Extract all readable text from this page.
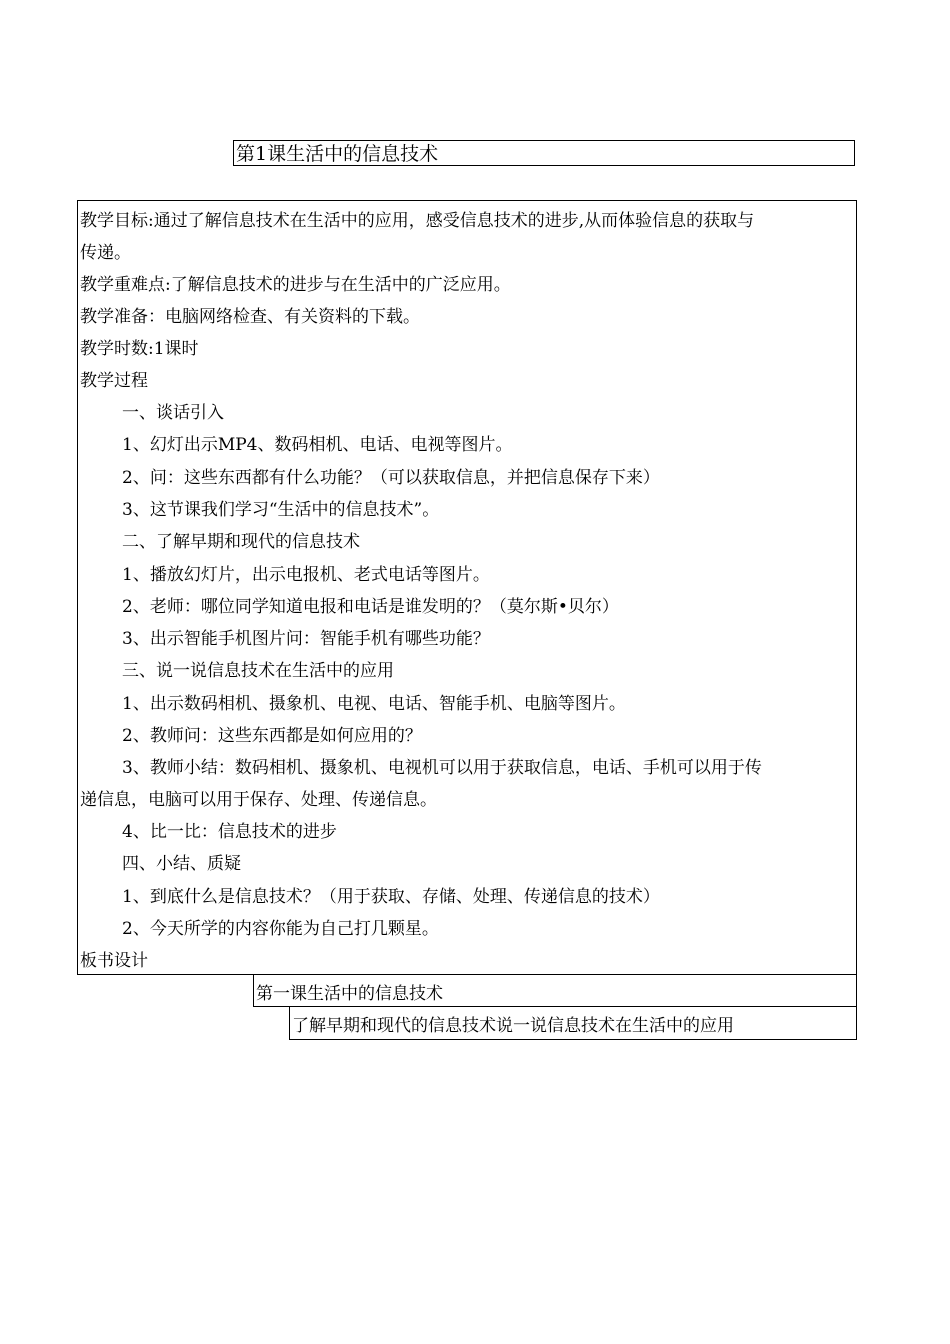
第1课生活中的信息技术
教学目标:通过了解信息技术在生活中的应用，感受信息技术的进步,从而体验信息的获取与
传递。
教学重难点:了解信息技术的进步与在生活中的广泛应用。
教学准备：电脑网络检查、有关资料的下载。
教学时数:1课时
教学过程
一、谈话引入
1、幻灯出示MP4、数码相机、电话、电视等图片。
2、问：这些东西都有什么功能？（可以获取信息，并把信息保存下来）
3、这节课我们学习“生活中的信息技术”。
二、了解早期和现代的信息技术
1、播放幻灯片，出示电报机、老式电话等图片。
2、老师：哪位同学知道电报和电话是谁发明的？（莫尔斯•贝尔）
3、出示智能手机图片问：智能手机有哪些功能？
三、说一说信息技术在生活中的应用
1、出示数码相机、摄象机、电视、电话、智能手机、电脑等图片。
2、教师问：这些东西都是如何应用的？
3、教师小结：数码相机、摄象机、电视机可以用于获取信息，电话、手机可以用于传
递信息，电脑可以用于保存、处理、传递信息。
4、比一比：信息技术的进步
四、小结、质疑
1、到底什么是信息技术？（用于获取、存储、处理、传递信息的技术）
2、今天所学的内容你能为自己打几颗星。
板书设计
第一课生活中的信息技术
了解早期和现代的信息技术说一说信息技术在生活中的应用
